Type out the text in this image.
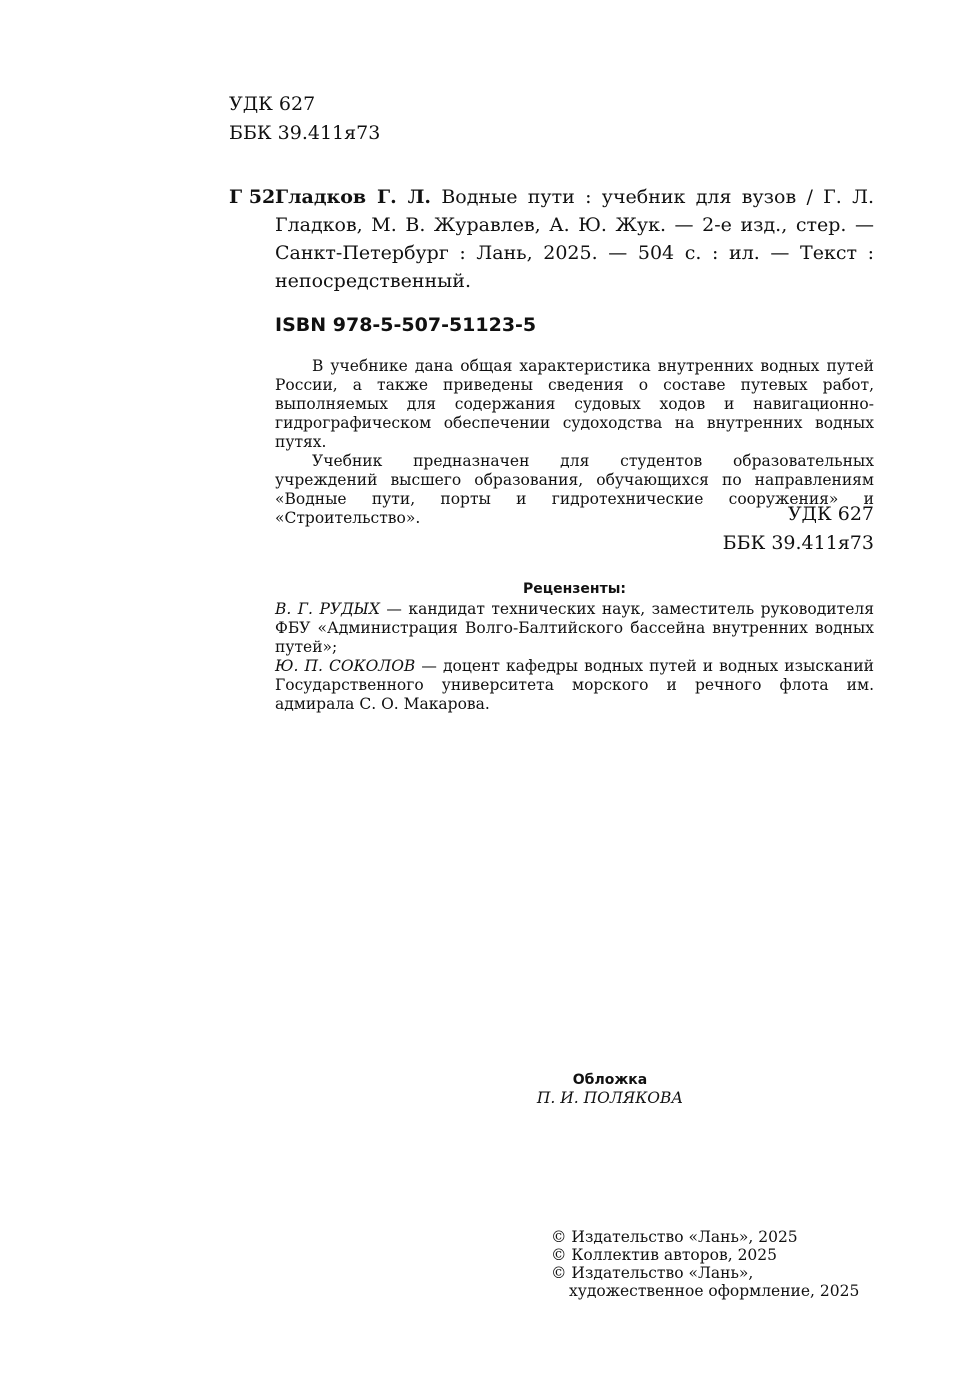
УДК 627
ББК 39.411я73
Г 52 Гладков Г. Л. Водные пути : учебник для вузов / Г. Л. Гладков, М. В. Журавлев, А. Ю. Жук. — 2-е изд., стер. — Санкт-Петербург : Лань, 2025. — 504 с. : ил. — Текст : непосредственный.
ISBN 978-5-507-51123-5

В учебнике дана общая характеристика внутренних водных путей России, а также приведены сведения о составе путевых работ, выполняемых для содержания судовых ходов и навигационно-гидрографическом обеспечении судоходства на внутренних водных путях.

Учебник предназначен для студентов образовательных учреждений высшего образования, обучающихся по направлениям «Водные пути, порты и гидротехнические сооружения» и «Строительство».	УДК 627
ББК 39.411я73
Рецензенты:

В. Г. РУДЫХ — кандидат технических наук, заместитель руководителя ФБУ «Администрация Волго-Балтийского бассейна внутренних водных путей»;

Ю. П. СОКОЛОВ — доцент кафедры водных путей и водных изысканий Государственного университета морского и речного флота им. адмирала С. О. Макарова.

Обложка
П. И. ПОЛЯКОВА
© Издательство «Лань», 2025
© Коллектив авторов, 2025
© Издательство «Лань»,
художественное оформление, 2025
